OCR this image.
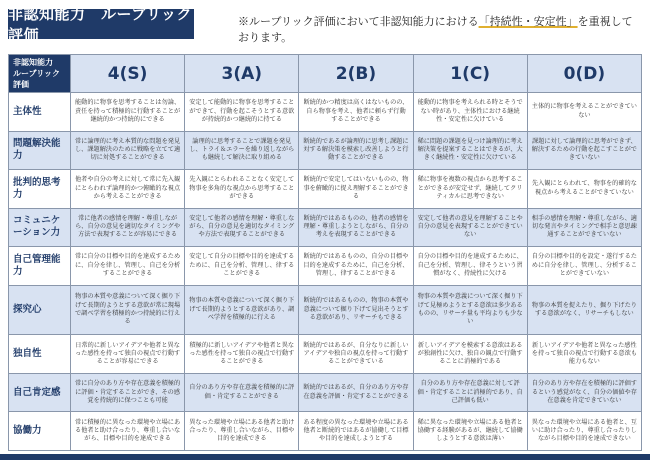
非認知能力　ルーブリック評価
※ルーブリック評価において非認知能力における「持続性・安定性」を重視しております。
非認知能力
ルーブリック評価	4(S)	3(A)	2(B)	1(C)	0(D)
主体性	能動的に物事を思考することは勿論、責任を持って積極的に行動することが継続的かつ持続的にできる	安定して能動的に物事を思考することができて、行動を起こそうとする意欲が持続的かつ継続的に持てる	断続的かつ精度は高くはないものの、自ら物事を考え、他者に頼らず行動することができる	能動的に物事を考えられる時とそうでない時があり、主体性における継続性・安定性に欠けている	主体的に物事を考えることができていない
問題解決能力	常に論理的に考え本質的な問題を発見し、課題解決のために戦略を立てて適切に対処することができる	論理的に思考することで課題を発見し、トライ＆エラーを繰り返しながらも継続して解決に取り組める	断続的であるが論理的に思考し課題に対する解決策を模索し改善しようと行動することができる	稀に問題の課題を見つけ論理的に考え解決策を提案することはできるが、大きく継続性・安定性に欠けている	課題に対して論理的に思考ができず、解決するための行動を起こすことができていない
批判的思考力	他者や自分の考えに対して常に先入観にとらわれず論理的かつ俯瞰的な視点から考えることができる	先入観にとらわれることなく安定して物事を多角的な視点から思考することができる	断続的で安定してはいないものの、物事を俯瞰的に捉え理解することができる	稀に物事を複数の視点から思考することができるが安定せず、継続してクリティカルに思考できない	先入観にとらわれて、物事を的確的な視点から考えることができていない
コミュニケーション力	常に他者の感情を理解・尊重しながら、自分の意見を適切なタイミングや方法で表現することが容易にできる	安定して他者の感情を理解・尊重しながら、自分の意見を適切なタイミングや方法で表現することができる	断続的ではあるものの、他者の感情を理解・尊重しようとしながら、自分の考えを表現することができる	安定して他者の意見を理解することや自分の意見を表現することができていない	相手の感情を理解・尊重しながら、適切な発言やタイミングで相手と意思疎通することができていない
自己管理能力	常に自分の目標や目的を達成するために、自分を律し、管理し、自己を分析することができる	安定して自分の目標や目的を達成するために、自己を分析、管理し、律することができる	断続的ではあるものの、自分の目標や目的を達成するために、自己を分析、管理し、律することができる	自分の目標や目的を達成するために、自己を分析、管理し、律そうという習慣がなく、持続性に欠ける	自分の目標や目的を設定・遂行するために自分を律し、管理し、分析することができていない
探究心	物事の本質や意義について深く掘り下げて長期的ようとする意欲が常に現場で調べ学習を積極的かつ持続的に行える	物事の本質や意義について深く掘り下げて長期的ようとする意欲があり、調べ学習を積極的に行える	断続的ではあるものの、物事の本質や意義について掘り下げて見出そうとする意欲があり、リサーチもできる	物事の本質や意義について深く掘り下げて見極めようとする意欲は多少あるものの、リサーチ量も平均よりも少ない	物事の本質を捉えたり、掘り下げたりする意欲がなく、リサーチもしない
独自性	日常的に新しいアイデアや他者と異なった感性を持って独自の視点で行動することが容易にできる	積極的に新しいアイデアや他者と異なった感性を持って独自の視点で行動することができる	断続的ではあるが、自分なりに新しいアイデアや独自の視点を持って行動することができている	新しいアイデアを模索する意欲はあるが独創性に欠け、独自の観点で行動することに消極的である	新しいアイデアや他者と異なった感性を持って独自の視点で行動する意欲も能力もない
自己肯定感	常に自分のあり方や存在意義を積極的に評価・肯定することができ、その感覚を持続的に保つことも可能	自分のあり方や存在意義を積極的に評価・肯定することができる	断続的ではあるが、自分のあり方や存在意義を評価・肯定することができる	自分のあり方や存在意義に対して評価・肯定することに消極的であり、自己評価も低い	自分のあり方や存在を積極的に評価するという感覚がなく、自分の価値や存在意義を肯定できていない
協働力	常に積極的に異なった環境や立場にある他者と助け合ったり、尊重し合いながら、目標や目的を達成できる	異なった環境や立場にある他者と助け合ったり、尊重し合いながら、目標や目的を達成できる	ある程度の異なった環境や立場にある他者と断続的ではあるが協働して目標や目的を達成しようとする	稀に異なった環境や立場にある他者と協働する経験があるが、継続して協働しようとする意欲は薄い	異なった環境や立場にある他者と、互いに助け合ったり、尊重し合ったりしながら目標や目的を達成できない
